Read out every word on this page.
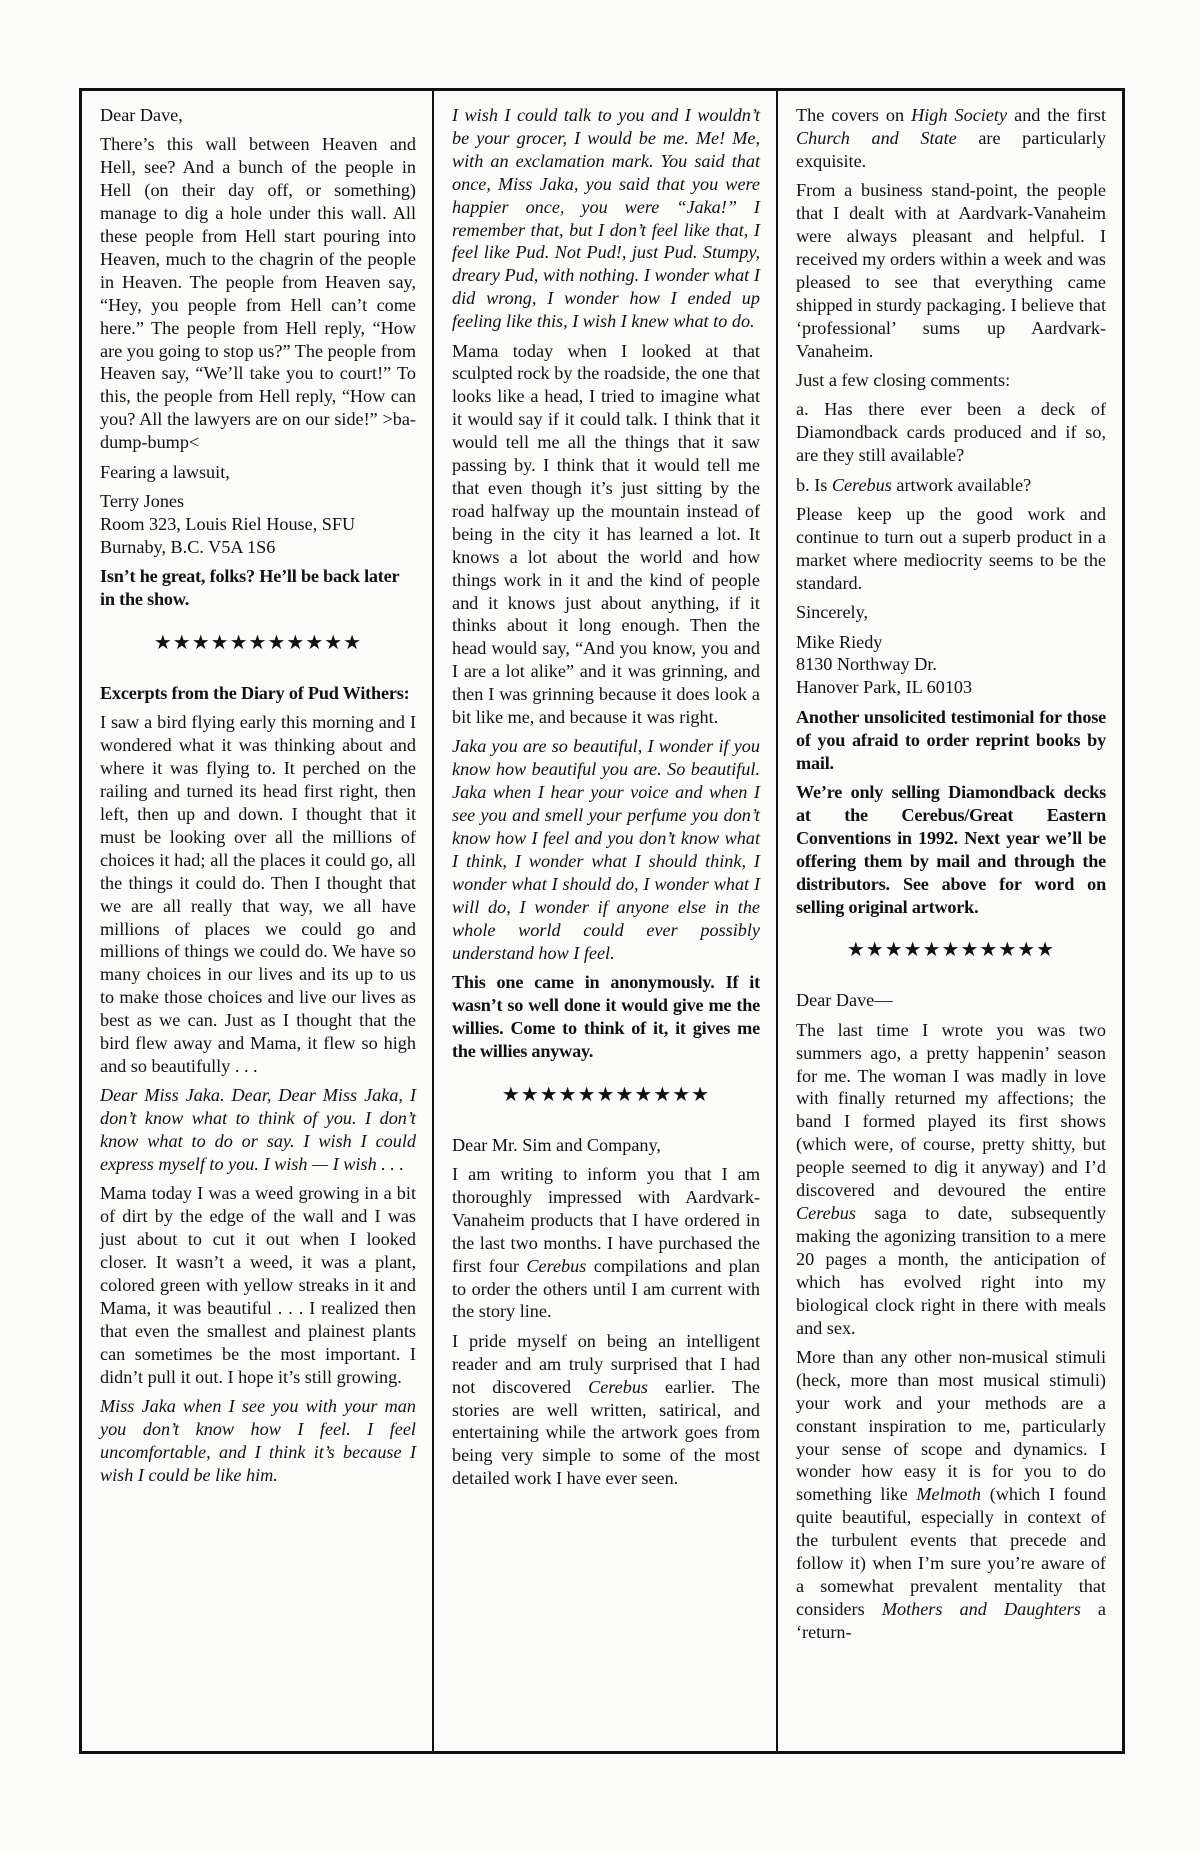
Dear Dave,

There’s this wall between Heaven and Hell, see? And a bunch of the people in Hell (on their day off, or something) manage to dig a hole under this wall. All these people from Hell start pouring into Heaven, much to the chagrin of the people in Heaven. The people from Heaven say, “Hey, you people from Hell can’t come here.” The people from Hell reply, “How are you going to stop us?” The people from Heaven say, “We’ll take you to court!” To this, the people from Hell reply, “How can you? All the lawyers are on our side!” >ba-dump-bump<

Fearing a lawsuit,

Terry Jones
Room 323, Louis Riel House, SFU
Burnaby, B.C. V5A 1S6

Isn’t he great, folks? He’ll be back later in the show.

★★★★★★★★★★★

Excerpts from the Diary of Pud Withers:

I saw a bird flying early this morning and I wondered what it was thinking about and where it was flying to. It perched on the railing and turned its head first right, then left, then up and down. I thought that it must be looking over all the millions of choices it had; all the places it could go, all the things it could do. Then I thought that we are all really that way, we all have millions of places we could go and millions of things we could do. We have so many choices in our lives and its up to us to make those choices and live our lives as best as we can. Just as I thought that the bird flew away and Mama, it flew so high and so beautifully . . .

Dear Miss Jaka. Dear, Dear Miss Jaka, I don’t know what to think of you. I don’t know what to do or say. I wish I could express myself to you. I wish — I wish . . .

Mama today I was a weed growing in a bit of dirt by the edge of the wall and I was just about to cut it out when I looked closer. It wasn’t a weed, it was a plant, colored green with yellow streaks in it and Mama, it was beautiful . . . I realized then that even the smallest and plainest plants can sometimes be the most important. I didn’t pull it out. I hope it’s still growing.

Miss Jaka when I see you with your man you don’t know how I feel. I feel uncomfortable, and I think it’s because I wish I could be like him.

I wish I could talk to you and I wouldn’t be your grocer, I would be me. Me! Me, with an exclamation mark. You said that once, Miss Jaka, you said that you were happier once, you were “Jaka!” I remember that, but I don’t feel like that, I feel like Pud. Not Pud!, just Pud. Stumpy, dreary Pud, with nothing. I wonder what I did wrong, I wonder how I ended up feeling like this, I wish I knew what to do.

Mama today when I looked at that sculpted rock by the roadside, the one that looks like a head, I tried to imagine what it would say if it could talk. I think that it would tell me all the things that it saw passing by. I think that it would tell me that even though it’s just sitting by the road halfway up the mountain instead of being in the city it has learned a lot. It knows a lot about the world and how things work in it and the kind of people and it knows just about anything, if it thinks about it long enough. Then the head would say, “And you know, you and I are a lot alike” and it was grinning, and then I was grinning because it does look a bit like me, and because it was right.

Jaka you are so beautiful, I wonder if you know how beautiful you are. So beautiful. Jaka when I hear your voice and when I see you and smell your perfume you don’t know how I feel and you don’t know what I think, I wonder what I should think, I wonder what I should do, I wonder what I will do, I wonder if anyone else in the whole world could ever possibly understand how I feel.

This one came in anonymously. If it wasn’t so well done it would give me the willies. Come to think of it, it gives me the willies anyway.

★★★★★★★★★★★

Dear Mr. Sim and Company,

I am writing to inform you that I am thoroughly impressed with Aardvark-Vanaheim products that I have ordered in the last two months. I have purchased the first four Cerebus compilations and plan to order the others until I am current with the story line.

I pride myself on being an intelligent reader and am truly surprised that I had not discovered Cerebus earlier. The stories are well written, satirical, and entertaining while the artwork goes from being very simple to some of the most detailed work I have ever seen.

The covers on High Society and the first Church and State are particularly exquisite.

From a business stand-point, the people that I dealt with at Aardvark-Vanaheim were always pleasant and helpful. I received my orders within a week and was pleased to see that everything came shipped in sturdy packaging. I believe that ‘professional’ sums up Aardvark-Vanaheim.

Just a few closing comments:

a. Has there ever been a deck of Diamondback cards produced and if so, are they still available?

b. Is Cerebus artwork available?

Please keep up the good work and continue to turn out a superb product in a market where mediocrity seems to be the standard.

Sincerely,

Mike Riedy
8130 Northway Dr.
Hanover Park, IL 60103

Another unsolicited testimonial for those of you afraid to order reprint books by mail.

We’re only selling Diamondback decks at the Cerebus/Great Eastern Conventions in 1992. Next year we’ll be offering them by mail and through the distributors. See above for word on selling original artwork.

★★★★★★★★★★★

Dear Dave—

The last time I wrote you was two summers ago, a pretty happenin’ season for me. The woman I was madly in love with finally returned my affections; the band I formed played its first shows (which were, of course, pretty shitty, but people seemed to dig it anyway) and I’d discovered and devoured the entire Cerebus saga to date, subsequently making the agonizing transition to a mere 20 pages a month, the anticipation of which has evolved right into my biological clock right in there with meals and sex.

More than any other non-musical stimuli (heck, more than most musical stimuli) your work and your methods are a constant inspiration to me, particularly your sense of scope and dynamics. I wonder how easy it is for you to do something like Melmoth (which I found quite beautiful, especially in context of the turbulent events that precede and follow it) when I’m sure you’re aware of a somewhat prevalent mentality that considers Mothers and Daughters a ‘return-
